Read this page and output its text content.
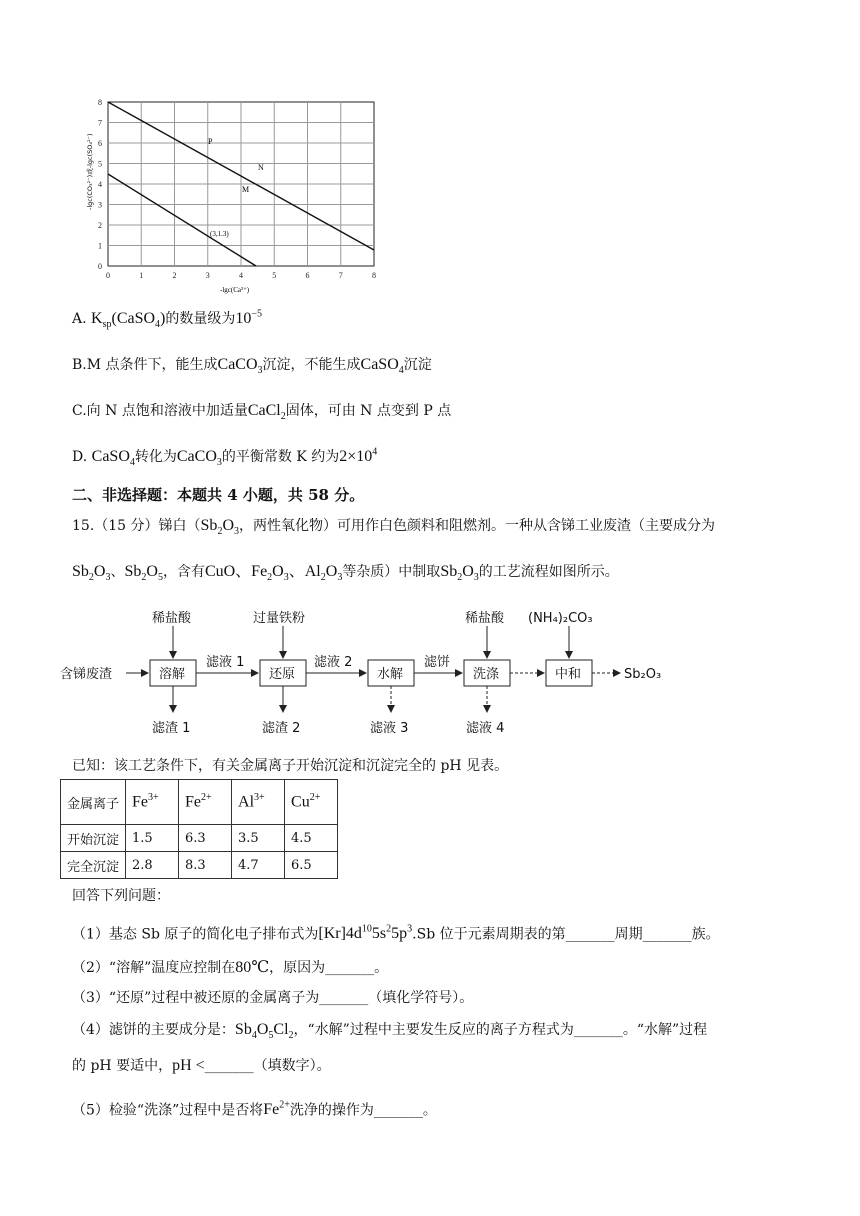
0
1
2
3
4
5
6
7
8
0	1	2	3	4	5	6	7	8
P
N
M
(3,1.3)
-lgc(CO₃²⁻)或-lgc(SO₄²⁻)
-lgc(Ca²⁺)
A. $K_{sp}(CaSO_4)$的数量级为$10^{-5}$
B.M 点条件下，能生成CaCO$_3$沉淀，不能生成CaSO$_4$沉淀
C.向 N 点饱和溶液中加适量CaCl$_2$固体，可由 N 点变到 P 点
D. CaSO$_4$转化为CaCO$_3$的平衡常数 K 约为$2\times 10^4$
二、非选择题：本题共 4 小题，共 58 分。
15.（15 分）锑白（$Sb_2O_3$，两性氧化物）可用作白色颜料和阻燃剂。一种从含锑工业废渣（主要成分为
$Sb_2O_3$、$Sb_2O_5$，含有CuO、$Fe_2O_3$、$Al_2O_3$等杂质）中制取$Sb_2O_3$的工艺流程如图所示。
含锑废渣	溶解	还原	水解	洗涤	中和
稀盐酸	过量铁粉	稀盐酸 (NH₄)₂CO₃
滤液 1	滤液 2	滤饼
Sb₂O₃
滤渣 1	滤渣 2	滤液 3	滤液 4
已知：该工艺条件下，有关金属离子开始沉淀和沉淀完全的 pH 见表。
金属离子	$Fe^{3+}$	$Fe^{2+}$	$Al^{3+}$	$Cu^{2+}$
开始沉淀	1.5	6.3	3.5	4.5
完全沉淀	2.8	8.3	4.7	6.5
回答下列问题：
（1）基态 Sb 原子的简化电子排布式为$[Kr]4d^{10}5s^25p^3.Sb$ 位于元素周期表的第_______周期_______族。
（2）“溶解”温度应控制在80℃，原因为_______。
（3）“还原”过程中被还原的金属离子为_______（填化学符号）。
（4）滤饼的主要成分是：$Sb_4O_5Cl_2$，“水解”过程中主要发生反应的离子方程式为_______。“水解”过程
的 pH 要适中，pH <_______（填数字）。
（5）检验“洗涤”过程中是否将$Fe^{2+}$洗净的操作为_______。
